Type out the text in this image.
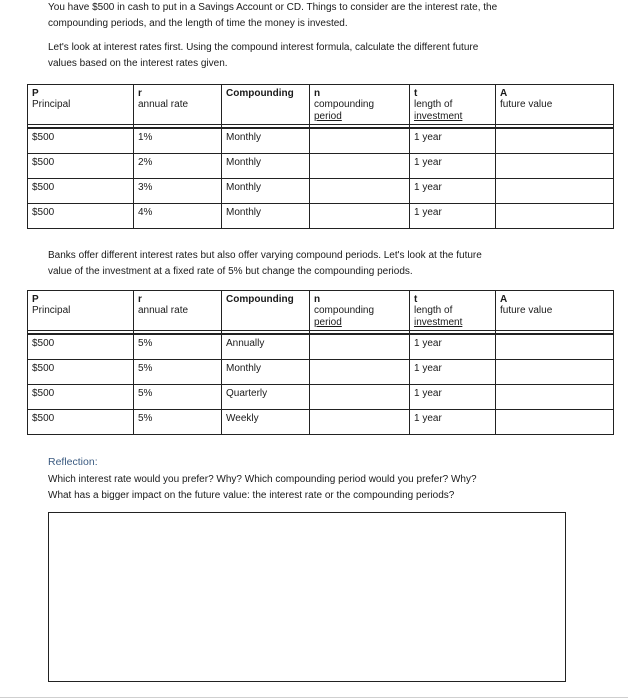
You have $500 in cash to put in a Savings Account or CD. Things to consider are the interest rate, the
compounding periods, and the length of time the money is invested.

Let's look at interest rates first. Using the compound interest formula, calculate the different future
values based on the interest rates given.

P
Principal	r
annual rate	Compounding	n
compounding
period	t
length of
investment	A
future value

$500	1%	Monthly		1 year	
$500	2%	Monthly		1 year	
$500	3%	Monthly		1 year	
$500	4%	Monthly		1 year	

Banks offer different interest rates but also offer varying compound periods. Let's look at the future
value of the investment at a fixed rate of 5% but change the compounding periods.

P
Principal	r
annual rate	Compounding	n
compounding
period	t
length of
investment	A
future value

$500	5%	Annually		1 year	
$500	5%	Monthly		1 year	
$500	5%	Quarterly		1 year	
$500	5%	Weekly		1 year	
Reflection:

Which interest rate would you prefer? Why? Which compounding period would you prefer? Why?
What has a bigger impact on the future value: the interest rate or the compounding periods?
